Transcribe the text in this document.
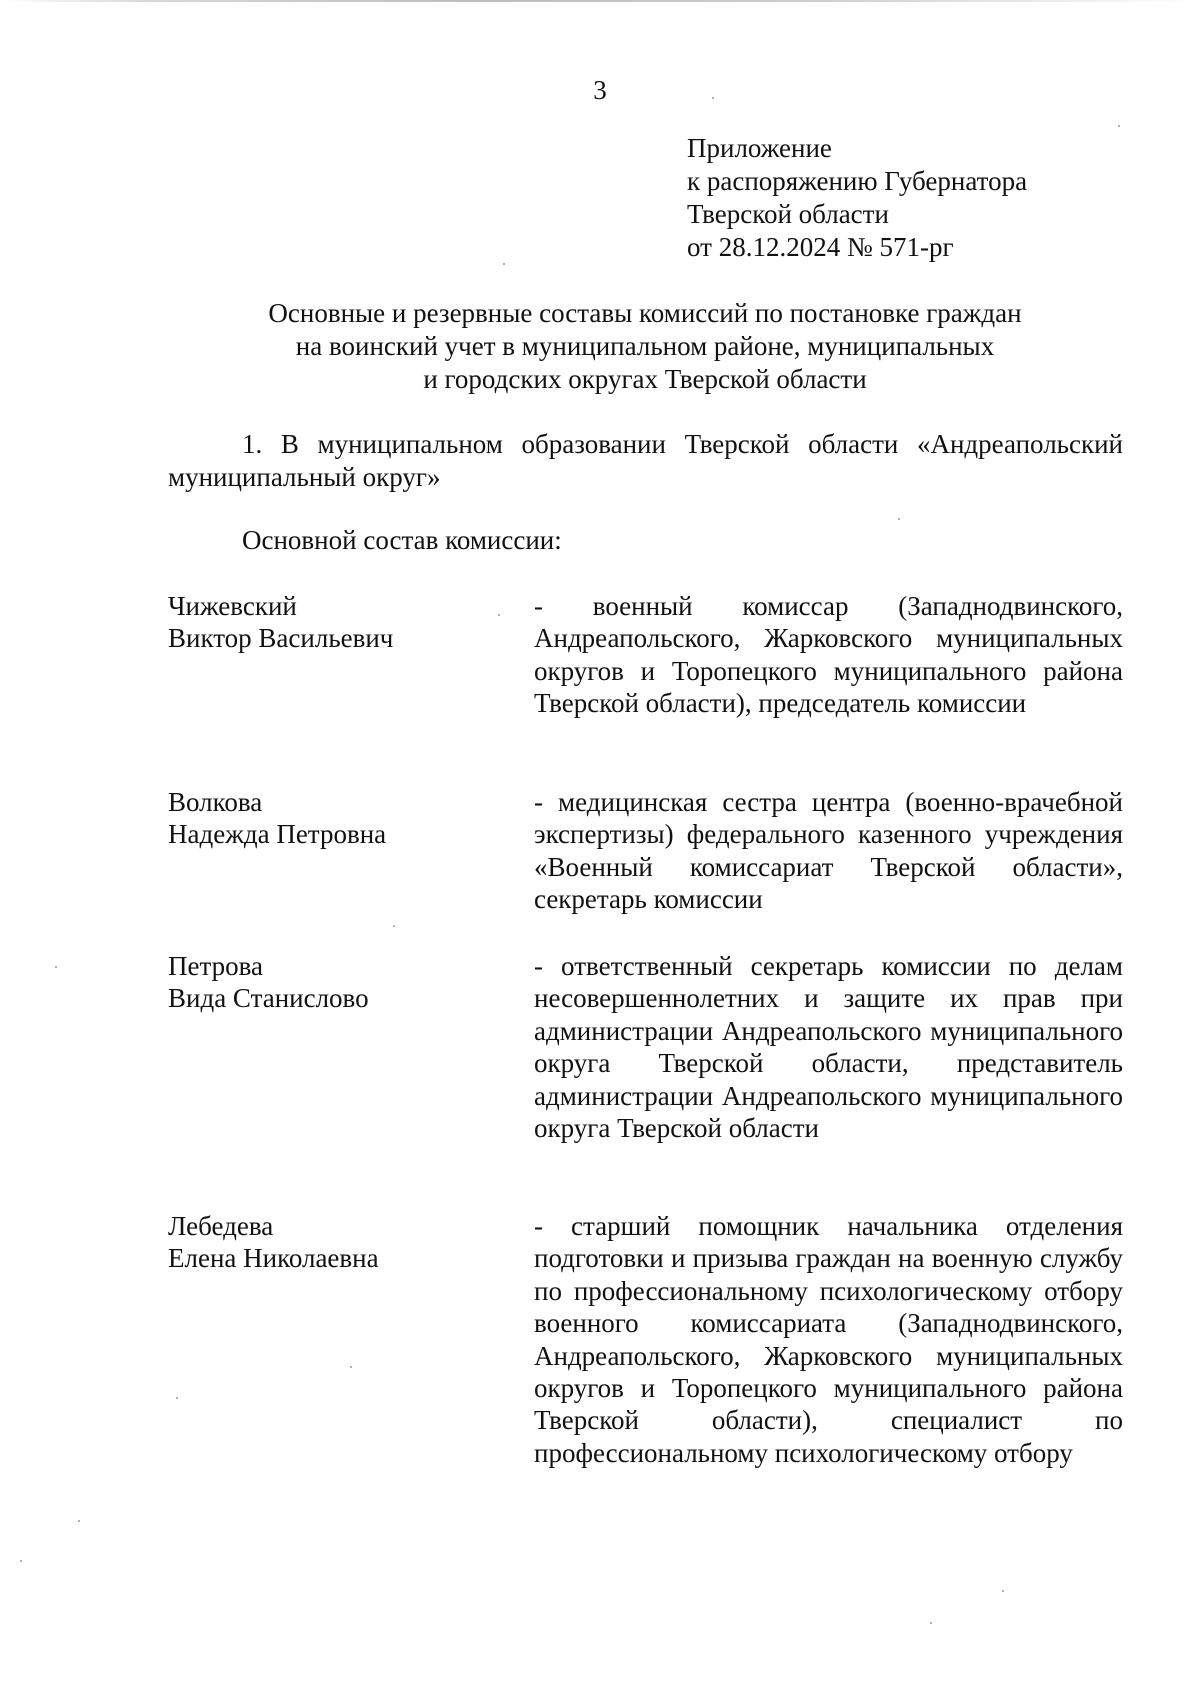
3
Приложение
к распоряжению Губернатора
Тверской области
от 28.12.2024 № 571-рг
Основные и резервные составы комиссий по постановке граждан
на воинский учет в муниципальном районе, муниципальных
и городских округах Тверской области
1. В муниципальном образовании Тверской области «Андреапольский муниципальный округ»
Основной состав комиссии:
Чижевский
Виктор Васильевич
- военный комиссар (Западнодвинского, Андреапольского, Жарковского муниципальных округов и Торопецкого муниципального района Тверской области), председатель комиссии
Волкова
Надежда Петровна
- медицинская сестра центра (военно-врачебной экспертизы) федерального казенного учреждения «Военный комиссариат Тверской области», секретарь комиссии
Петрова
Вида Станислово
- ответственный секретарь комиссии по делам несовершеннолетних и защите их прав при администрации Андреапольского муниципального округа Тверской области, представитель администрации Андреапольского муниципального округа Тверской области
Лебедева
Елена Николаевна
- старший помощник начальника отделения подготовки и призыва граждан на военную службу по профессиональному психологическому отбору военного комиссариата (Западнодвинского, Андреапольского, Жарковского муниципальных округов и Торопецкого муниципального района Тверской области), специалист по профессиональному психологическому отбору
